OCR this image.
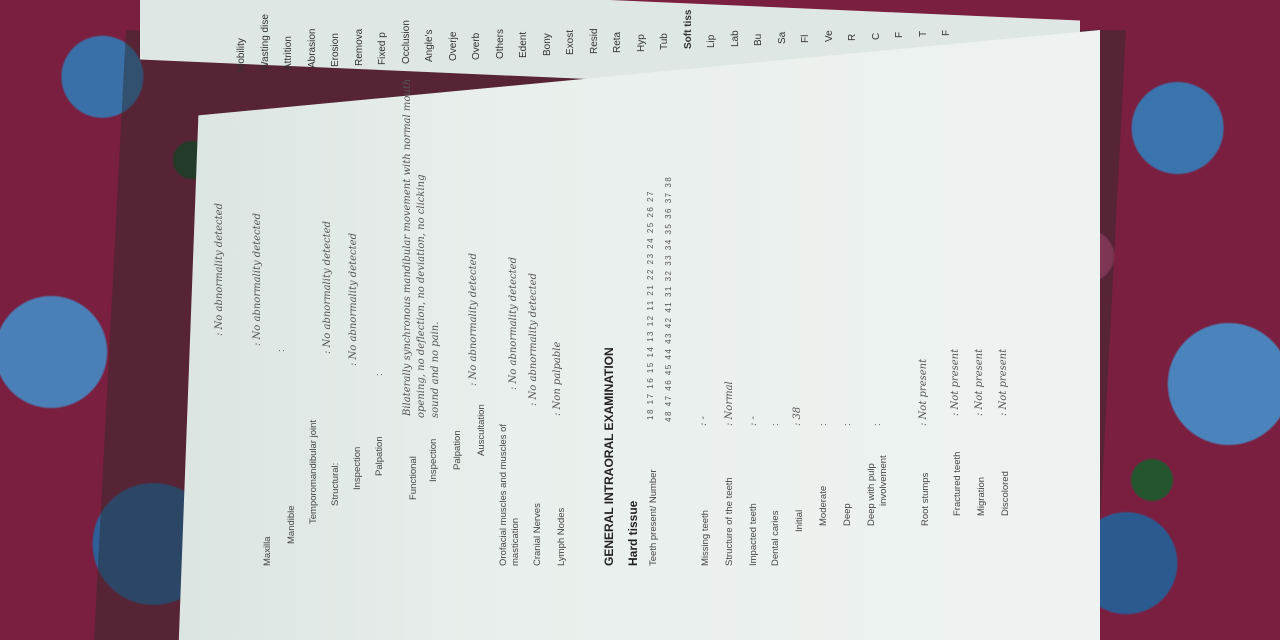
Maxilla
: No abnormality detected
Mandible
: No abnormality detected
Temporomandibular joint
:
Structural: Inspection
: No abnormality detected
Palpation
: No abnormality detected
Functional
:
Inspection
Bilaterally synchronous mandibular movement with normal mouth opening, no deflection, no deviation, no clicking
Palpation
sound and no pain.
Auscultation
: No abnormality detected
Orofacial muscles and muscles of mastication
: No abnormality detected
Cranial Nerves
: No abnormality detected
Lymph Nodes
: Non palpable	GENERAL INTRAORAL EXAMINATION Hard tissue Teeth present/ Number
18 17 16 15 14 13 12 11 21 22 23 24 25 26 27 48 47 46 45 44 43 42 41 31 32 33 34 35 36 37 38
Missing teeth
: -
Structure of the teeth
: Normal
Impacted teeth
: -
Dental caries
:
Initial
: 38
Moderate
:
Deep
:
Deep with pulp involvement
:
Root stumps
: Not present
Fractured teeth
: Not present
Migration
: Not present
Discolored
: Not present
Mobility Wasting dise Attrition Abrasion Erosion Remova Fixed p Occlusion Angle's Overje Overb Others Edent Bony Exost Resid Reta Hyp Tub Soft tiss Lip Lab Bu Sa Fl Ve R C F T F
